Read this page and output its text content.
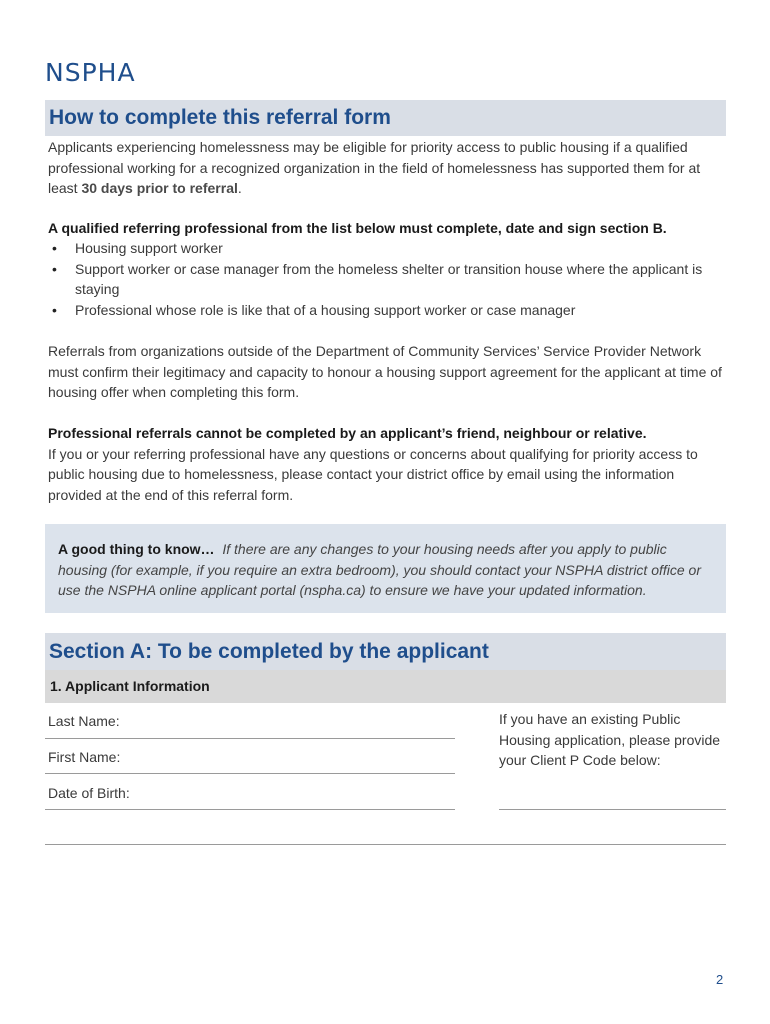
NSPHA
How to complete this referral form
Applicants experiencing homelessness may be eligible for priority access to public housing if a qualified professional working for a recognized organization in the field of homelessness has supported them for at least 30 days prior to referral.
A qualified referring professional from the list below must complete, date and sign section B.
• Housing support worker
• Support worker or case manager from the homeless shelter or transition house where the applicant is staying
• Professional whose role is like that of a housing support worker or case manager
Referrals from organizations outside of the Department of Community Services’ Service Provider Network must confirm their legitimacy and capacity to honour a housing support agreement for the applicant at time of housing offer when completing this form.
Professional referrals cannot be completed by an applicant’s friend, neighbour or relative.
If you or your referring professional have any questions or concerns about qualifying for priority access to public housing due to homelessness, please contact your district office by email using the information provided at the end of this referral form.
A good thing to know… If there are any changes to your housing needs after you apply to public housing (for example, if you require an extra bedroom), you should contact your NSPHA district office or use the NSPHA online applicant portal (nspha.ca) to ensure we have your updated information.
Section A: To be completed by the applicant
1. Applicant Information
Last Name:
First Name:
Date of Birth:
If you have an existing Public Housing application, please provide your Client P Code below:
2
